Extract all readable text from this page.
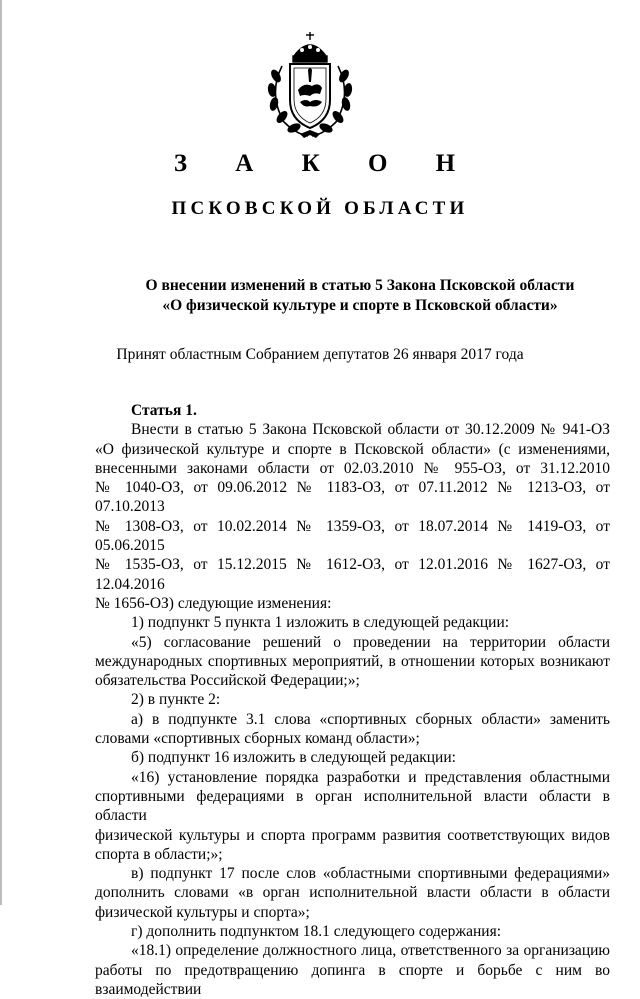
З А К О Н
ПСКОВСКОЙ ОБЛАСТИ
О внесении изменений в статью 5 Закона Псковской области
«О физической культуре и спорте в Псковской области»
Принят областным Собранием депутатов 26 января 2017 года

Статья 1.

Внести в статью 5 Закона Псковской области от 30.12.2009 № 941-ОЗ

«О физической культуре и спорте в Псковской области» (с изменениями,

внесенными законами области от 02.03.2010 № 955-ОЗ, от 31.12.2010

№ 1040-ОЗ, от 09.06.2012 № 1183-ОЗ, от 07.11.2012 № 1213-ОЗ, от 07.10.2013

№ 1308-ОЗ, от 10.02.2014 № 1359-ОЗ, от 18.07.2014 № 1419-ОЗ, от 05.06.2015

№ 1535-ОЗ, от 15.12.2015 № 1612-ОЗ, от 12.01.2016 № 1627-ОЗ, от 12.04.2016

№ 1656-ОЗ) следующие изменения:

1) подпункт 5 пункта 1 изложить в следующей редакции:

«5) согласование решений о проведении на территории области

международных спортивных мероприятий, в отношении которых возникают

обязательства Российской Федерации;»;

2) в пункте 2:

а) в подпункте 3.1 слова «спортивных сборных области» заменить

словами «спортивных сборных команд области»;

б) подпункт 16 изложить в следующей редакции:

«16) установление порядка разработки и представления областными

спортивными федерациями в орган исполнительной власти области в области

физической культуры и спорта программ развития соответствующих видов

спорта в области;»;

в) подпункт 17 после слов «областными спортивными федерациями»

дополнить словами «в орган исполнительной власти области в области

физической культуры и спорта»;

г) дополнить подпунктом 18.1 следующего содержания:

«18.1) определение должностного лица, ответственного за организацию

работы по предотвращению допинга в спорте и борьбе с ним во взаимодействии
